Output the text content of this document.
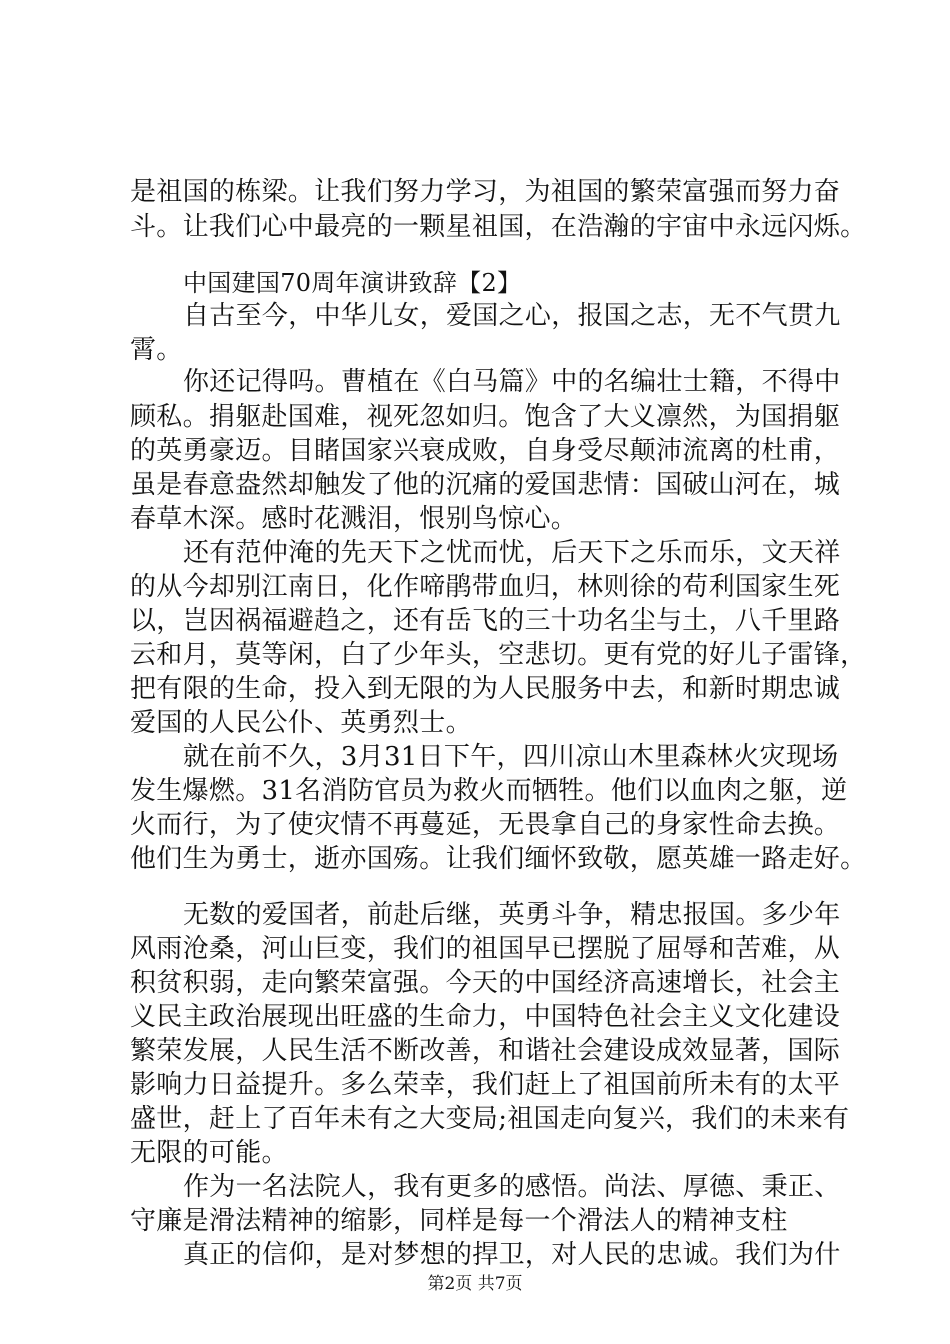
是祖国的栋梁。让我们努力学习，为祖国的繁荣富强而努力奋
斗。让我们心中最亮的一颗星祖国，在浩瀚的宇宙中永远闪烁。
中国建国70周年演讲致辞【2】
自古至今，中华儿女，爱国之心，报国之志，无不气贯九
霄。
你还记得吗。曹植在《白马篇》中的名编壮士籍，不得中
顾私。捐躯赴国难，视死忽如归。饱含了大义凛然，为国捐躯
的英勇豪迈。目睹国家兴衰成败，自身受尽颠沛流离的杜甫，
虽是春意盎然却触发了他的沉痛的爱国悲情：国破山河在，城
春草木深。感时花溅泪，恨别鸟惊心。
还有范仲淹的先天下之忧而忧，后天下之乐而乐，文天祥
的从今却别江南日，化作啼鹃带血归，林则徐的苟利国家生死
以，岂因祸福避趋之，还有岳飞的三十功名尘与土，八千里路
云和月，莫等闲，白了少年头，空悲切。更有党的好儿子雷锋，
把有限的生命，投入到无限的为人民服务中去，和新时期忠诚
爱国的人民公仆、英勇烈士。
就在前不久，3月31日下午，四川凉山木里森林火灾现场
发生爆燃。31名消防官员为救火而牺牲。他们以血肉之躯，逆
火而行，为了使灾情不再蔓延，无畏拿自己的身家性命去换。
他们生为勇士，逝亦国殇。让我们缅怀致敬，愿英雄一路走好。
无数的爱国者，前赴后继，英勇斗争，精忠报国。多少年
风雨沧桑，河山巨变，我们的祖国早已摆脱了屈辱和苦难，从
积贫积弱，走向繁荣富强。今天的中国经济高速增长，社会主
义民主政治展现出旺盛的生命力，中国特色社会主义文化建设
繁荣发展，人民生活不断改善，和谐社会建设成效显著，国际
影响力日益提升。多么荣幸，我们赶上了祖国前所未有的太平
盛世，赶上了百年未有之大变局;祖国走向复兴，我们的未来有
无限的可能。
作为一名法院人，我有更多的感悟。尚法、厚德、秉正、
守廉是滑法精神的缩影，同样是每一个滑法人的精神支柱
真正的信仰，是对梦想的捍卫，对人民的忠诚。我们为什
第2页 共7页
